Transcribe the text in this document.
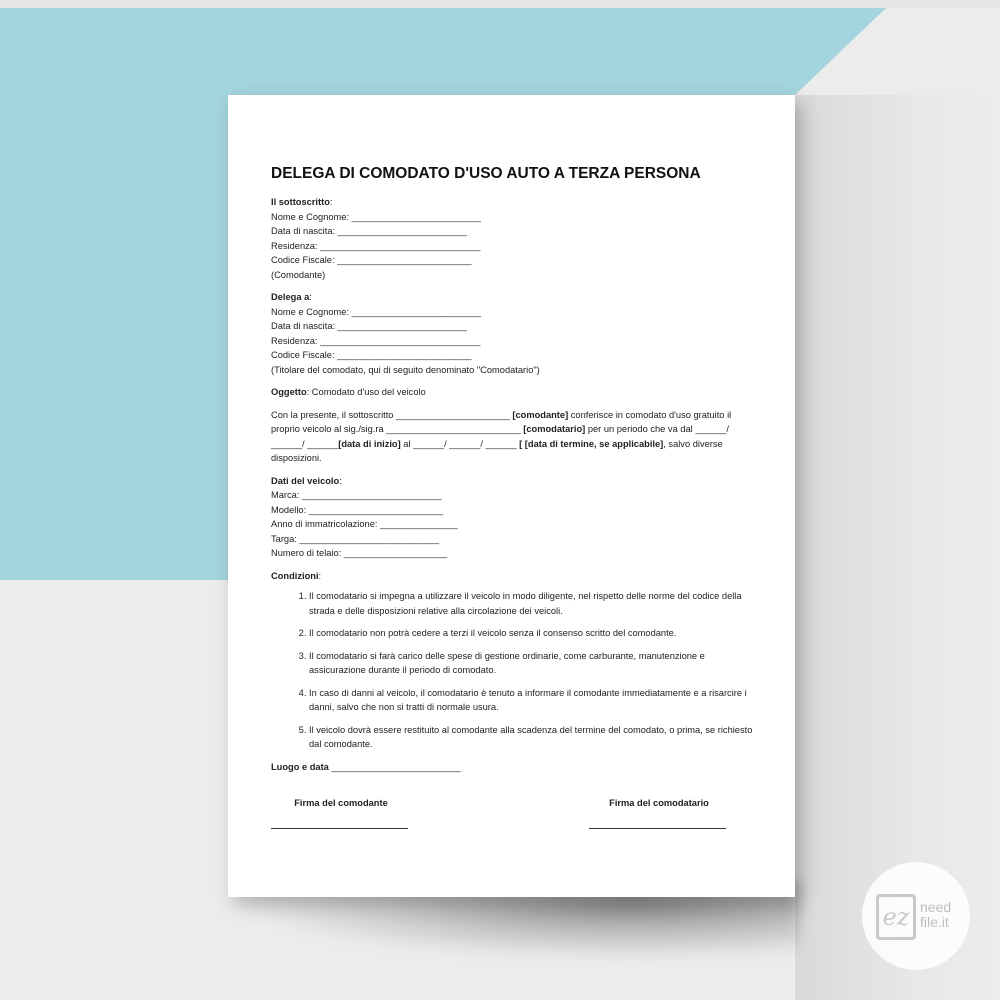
DELEGA DI COMODATO D'USO AUTO A TERZA PERSONA
Il sottoscritto:
Nome e Cognome: _________________________
Data di nascita: _________________________
Residenza: _______________________________
Codice Fiscale: __________________________
(Comodante)
Delega a:
Nome e Cognome: _________________________
Data di nascita: _________________________
Residenza: _______________________________
Codice Fiscale: __________________________
(Titolare del comodato, qui di seguito denominato "Comodatario")
Oggetto: Comodato d'uso del veicolo

Con la presente, il sottoscritto ______________________ [comodante] conferisce in comodato d'uso gratuito il proprio veicolo al sig./sig.ra __________________________ [comodatario] per un periodo che va dal ______/ ______/ ______[data di inizio] al ______/ ______/ ______ [ [data di termine, se applicabile], salvo diverse disposizioni.

Dati del veicolo:
Marca: ___________________________
Modello: __________________________
Anno di immatricolazione: _______________
Targa: ___________________________
Numero di telaio: ____________________
Condizioni:
1. Il comodatario si impegna a utilizzare il veicolo in modo diligente, nel rispetto delle norme del codice della strada e delle disposizioni relative alla circolazione dei veicoli.
2. Il comodatario non potrà cedere a terzi il veicolo senza il consenso scritto del comodante.
3. Il comodatario si farà carico delle spese di gestione ordinarie, come carburante, manutenzione e assicurazione durante il periodo di comodato.
4. In caso di danni al veicolo, il comodatario è tenuto a informare il comodante immediatamente e a risarcire i danni, salvo che non si tratti di normale usura.
5. Il veicolo dovrà essere restituito al comodante alla scadenza del termine del comodato, o prima, se richiesto dal comodante.
Luogo e data _________________________
Firma del comodante	Firma del comodatario
ez need
file.it
